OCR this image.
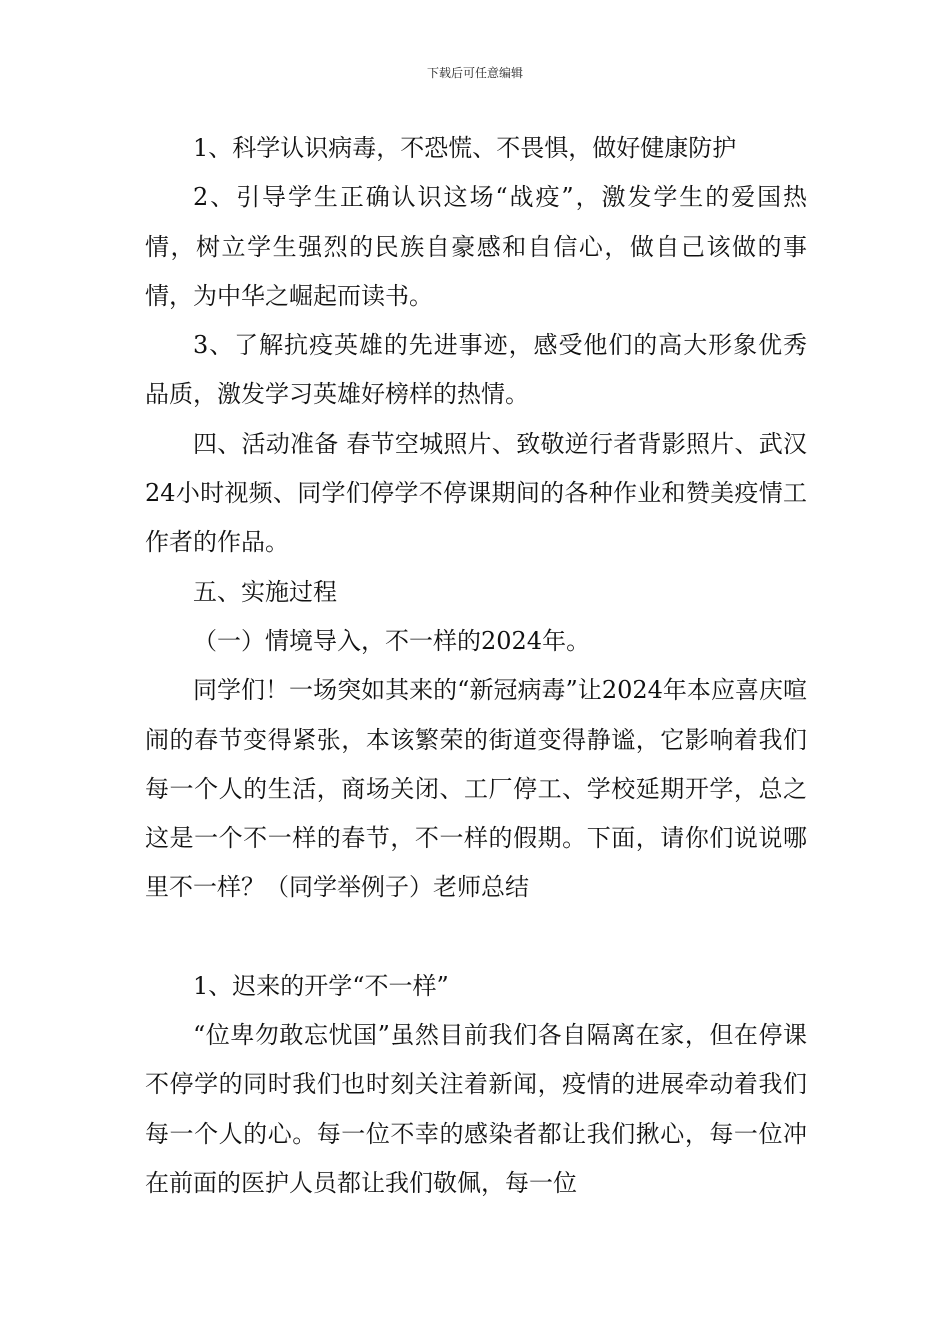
下载后可任意编辑

1、科学认识病毒，不恐慌、不畏惧，做好健康防护

2、引导学生正确认识这场“战疫”，激发学生的爱国热情，树立学生强烈的民族自豪感和自信心，做自己该做的事情，为中华之崛起而读书。

3、了解抗疫英雄的先进事迹，感受他们的高大形象优秀品质，激发学习英雄好榜样的热情。

四、活动准备 春节空城照片、致敬逆行者背影照片、武汉24小时视频、同学们停学不停课期间的各种作业和赞美疫情工作者的作品。

五、实施过程

（一）情境导入，不一样的2024年。

同学们！一场突如其来的“新冠病毒”让2024年本应喜庆喧闹的春节变得紧张，本该繁荣的街道变得静谧，它影响着我们每一个人的生活，商场关闭、工厂停工、学校延期开学，总之这是一个不一样的春节，不一样的假期。下面，请你们说说哪里不一样？（同学举例子）老师总结

1、迟来的开学“不一样”

“位卑勿敢忘忧国”虽然目前我们各自隔离在家，但在停课不停学的同时我们也时刻关注着新闻，疫情的进展牵动着我们每一个人的心。每一位不幸的感染者都让我们揪心，每一位冲在前面的医护人员都让我们敬佩，每一位
